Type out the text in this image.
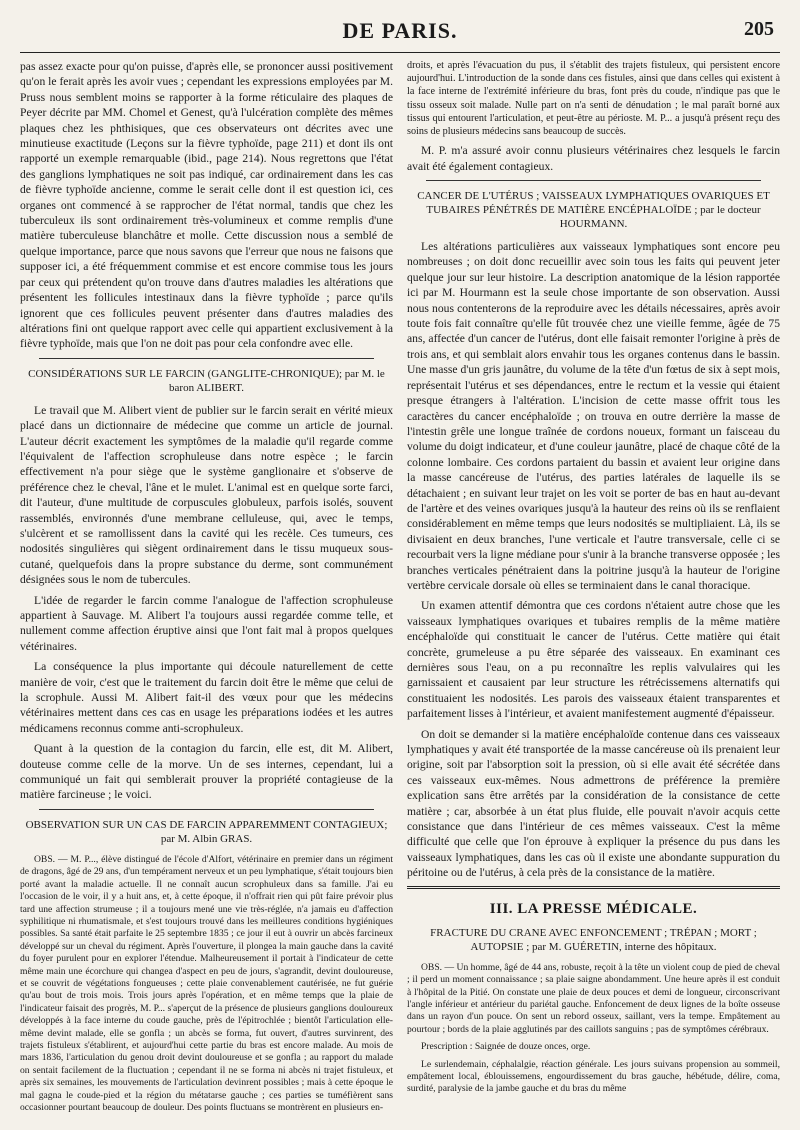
DE PARIS.	205

pas assez exacte pour qu'on puisse, d'après elle, se prononcer aussi positivement qu'on le ferait après les avoir vues ; cependant les expressions employées par M. Pruss nous semblent moins se rapporter à la forme réticulaire des plaques de Peyer décrite par MM. Chomel et Genest, qu'à l'ulcération complète des mêmes plaques chez les phthisiques, que ces observateurs ont décrites avec une minutieuse exactitude (Leçons sur la fièvre typhoïde, page 211) et dont ils ont rapporté un exemple remarquable (ibid., page 214). Nous regrettons que l'état des ganglions lymphatiques ne soit pas indiqué, car ordinairement dans les cas de fièvre typhoïde ancienne, comme le serait celle dont il est question ici, ces organes ont commencé à se rapprocher de l'état normal, tandis que chez les tuberculeux ils sont ordinairement très-volumineux et comme remplis d'une matière tuberculeuse blanchâtre et molle. Cette discussion nous a semblé de quelque importance, parce que nous savons que l'erreur que nous ne faisons que supposer ici, a été fréquemment commise et est encore commise tous les jours par ceux qui prétendent qu'on trouve dans d'autres maladies les altérations que présentent les follicules intestinaux dans la fièvre typhoïde ; parce qu'ils ignorent que ces follicules peuvent présenter dans d'autres maladies des altérations fini ont quelque rapport avec celle qui appartient exclusivement à la fièvre typhoïde, mais que l'on ne doit pas pour cela confondre avec elle.

CONSIDÉRATIONS SUR LE FARCIN (GANGLITE-CHRONIQUE); par M. le baron ALIBERT.

Le travail que M. Alibert vient de publier sur le farcin serait en vérité mieux placé dans un dictionnaire de médecine que comme un article de journal. L'auteur décrit exactement les symptômes de la maladie qu'il regarde comme l'équivalent de l'affection scrophuleuse dans notre espèce ; le farcin effectivement n'a pour siège que le système ganglionaire et s'observe de préférence chez le cheval, l'âne et le mulet. L'animal est en quelque sorte farci, dit l'auteur, d'une multitude de corpuscules globuleux, parfois isolés, souvent rassemblés, environnés d'une membrane celluleuse, qui, avec le temps, s'ulcèrent et se ramollissent dans la cavité qui les recèle. Ces tumeurs, ces nodosités singulières qui siègent ordinairement dans le tissu muqueux sous-cutané, quelquefois dans la propre substance du derme, sont communément désignées sous le nom de tubercules.

L'idée de regarder le farcin comme l'analogue de l'affection scrophuleuse appartient à Sauvage. M. Alibert l'a toujours aussi regardée comme telle, et nullement comme affection éruptive ainsi que l'ont fait mal à propos quelques vétérinaires.

La conséquence la plus importante qui découle naturellement de cette manière de voir, c'est que le traitement du farcin doit être le même que celui de la scrophule. Aussi M. Alibert fait-il des vœux pour que les médecins vétérinaires mettent dans ces cas en usage les préparations iodées et les autres médicamens reconnus comme anti-scrophuleux.

Quant à la question de la contagion du farcin, elle est, dit M. Alibert, douteuse comme celle de la morve. Un de ses internes, cependant, lui a communiqué un fait qui semblerait prouver la propriété contagieuse de la matière farcineuse ; le voici.

OBSERVATION SUR UN CAS DE FARCIN APPAREMMENT CONTAGIEUX; par M. Albin GRAS.

OBS. — M. P..., élève distingué de l'école d'Alfort, vétérinaire en premier dans un régiment de dragons, âgé de 29 ans, d'un tempérament nerveux et un peu lymphatique, s'était toujours bien porté avant la maladie actuelle. Il ne connaît aucun scrophuleux dans sa famille. J'ai eu l'occasion de le voir, il y a huit ans, et, à cette époque, il n'offrait rien qui pût faire prévoir plus tard une affection strumeuse ; il a toujours mené une vie très-réglée, n'a jamais eu d'affection syphilitique ni rhumatismale, et s'est toujours trouvé dans les meilleures conditions hygiéniques possibles. Sa santé était parfaite le 25 septembre 1835 ; ce jour il eut à ouvrir un abcès farcineux développé sur un cheval du régiment. Après l'ouverture, il plongea la main gauche dans la cavité du foyer purulent pour en explorer l'étendue. Malheureusement il portait à l'indicateur de cette même main une écorchure qui changea d'aspect en peu de jours, s'agrandit, devint douloureuse, et se couvrit de végétations fongueuses ; cette plaie convenablement cautérisée, ne fut guérie qu'au bout de trois mois. Trois jours après l'opération, et en même temps que la plaie de l'indicateur faisait des progrès, M. P... s'aperçut de la présence de plusieurs ganglions douloureux développés à la face interne du coude gauche, près de l'épitrochlée ; bientôt l'articulation elle-même devint malade, elle se gonfla ; un abcès se forma, fut ouvert, d'autres survinrent, des trajets fistuleux s'établirent, et aujourd'hui cette partie du bras est encore malade. Au mois de mars 1836, l'articulation du genou droit devint douloureuse et se gonfla ; au rapport du malade on sentait facilement de la fluctuation ; cependant il ne se forma ni abcès ni trajet fistuleux, et après six semaines, les mouvements de l'articulation devinrent possibles ; mais à cette époque le mal gagna le coude-pied et la région du métatarse gauche ; ces parties se tuméfièrent sans occasionner pourtant beaucoup de douleur. Des points fluctuans se montrèrent en plusieurs en-

droits, et après l'évacuation du pus, il s'établit des trajets fistuleux, qui persistent encore aujourd'hui. L'introduction de la sonde dans ces fistules, ainsi que dans celles qui existent à la face interne de l'extrémité inférieure du bras, font près du coude, n'indique pas que le tissu osseux soit malade. Nulle part on n'a senti de dénudation ; le mal paraît borné aux tissus qui entourent l'articulation, et peut-être au périoste. M. P... a jusqu'à présent reçu des soins de plusieurs médecins sans beaucoup de succès.

M. P. m'a assuré avoir connu plusieurs vétérinaires chez lesquels le farcin avait été également contagieux.

CANCER DE L'UTÉRUS ; VAISSEAUX LYMPHATIQUES OVARIQUES ET TUBAIRES PÉNÉTRÉS DE MATIÈRE ENCÉPHALOÏDE ; par le docteur HOURMANN.

Les altérations particulières aux vaisseaux lymphatiques sont encore peu nombreuses ; on doit donc recueillir avec soin tous les faits qui peuvent jeter quelque jour sur leur histoire. La description anatomique de la lésion rapportée ici par M. Hourmann est la seule chose importante de son observation. Aussi nous nous contenterons de la reproduire avec les détails nécessaires, après avoir toute fois fait connaître qu'elle fût trouvée chez une vieille femme, âgée de 75 ans, affectée d'un cancer de l'utérus, dont elle faisait remonter l'origine à près de trois ans, et qui semblait alors envahir tous les organes contenus dans le bassin. Une masse d'un gris jaunâtre, du volume de la tête d'un fœtus de six à sept mois, représentait l'utérus et ses dépendances, entre le rectum et la vessie qui étaient presque étrangers à l'altération. L'incision de cette masse offrit tous les caractères du cancer encéphaloïde ; on trouva en outre derrière la masse de l'intestin grêle une longue traînée de cordons noueux, formant un faisceau du volume du doigt indicateur, et d'une couleur jaunâtre, placé de chaque côté de la colonne lombaire. Ces cordons partaient du bassin et avaient leur origine dans la masse cancéreuse de l'utérus, des parties latérales de laquelle ils se détachaient ; en suivant leur trajet on les voit se porter de bas en haut au-devant de l'artère et des veines ovariques jusqu'à la hauteur des reins où ils se renflaient considérablement en même temps que leurs nodosités se multipliaient. Là, ils se divisaient en deux branches, l'une verticale et l'autre transversale, celle ci se recourbait vers la ligne médiane pour s'unir à la branche transverse opposée ; les branches verticales pénétraient dans la poitrine jusqu'à la hauteur de l'origine vertèbre cervicale dorsale où elles se terminaient dans le canal thoracique.

Un examen attentif démontra que ces cordons n'étaient autre chose que les vaisseaux lymphatiques ovariques et tubaires remplis de la même matière encéphaloïde qui constituait le cancer de l'utérus. Cette matière qui était concrète, grumeleuse a pu être séparée des vaisseaux. En examinant ces dernières sous l'eau, on a pu reconnaître les replis valvulaires qui les garnissaient et causaient par leur structure les rétrécissemens alternatifs qui constituaient les nodosités. Les parois des vaisseaux étaient transparentes et parfaitement lisses à l'intérieur, et avaient manifestement augmenté d'épaisseur.

On doit se demander si la matière encéphaloïde contenue dans ces vaisseaux lymphatiques y avait été transportée de la masse cancéreuse où ils prenaient leur origine, soit par l'absorption soit la pression, où si elle avait été sécrétée dans ces vaisseaux eux-mêmes. Nous admettrons de préférence la première explication sans être arrêtés par la considération de la consistance de cette matière ; car, absorbée à un état plus fluide, elle pouvait n'avoir acquis cette consistance que dans l'intérieur de ces mêmes vaisseaux. C'est la même difficulté que celle que l'on éprouve à expliquer la présence du pus dans les vaisseaux lymphatiques, dans les cas où il existe une abondante suppuration du péritoine ou de l'utérus, à cela près de la consistance de la matière.

III. LA PRESSE MÉDICALE.
FRACTURE DU CRANE AVEC ENFONCEMENT ; TRÉPAN ; MORT ; AUTOPSIE ; par M. GUÉRETIN, interne des hôpitaux.

OBS. — Un homme, âgé de 44 ans, robuste, reçoit à la tête un violent coup de pied de cheval ; il perd un moment connaissance ; sa plaie saigne abondamment. Une heure après il est conduit à l'hôpital de la Pitié. On constate une plaie de deux pouces et demi de longueur, circonscrivant l'angle inférieur et antérieur du pariétal gauche. Enfoncement de deux lignes de la boîte osseuse dans un rayon d'un pouce. On sent un rebord osseux, saillant, vers la tempe. Empâtement au pourtour ; bords de la plaie agglutinés par des caillots sanguins ; pas de symptômes cérébraux.

Prescription : Saignée de douze onces, orge.

Le surlendemain, céphalalgie, réaction générale. Les jours suivans propension au sommeil, empâtement local, éblouissemens, engourdissement du bras gauche, hébétude, délire, coma, surdité, paralysie de la jambe gauche et du bras du même
